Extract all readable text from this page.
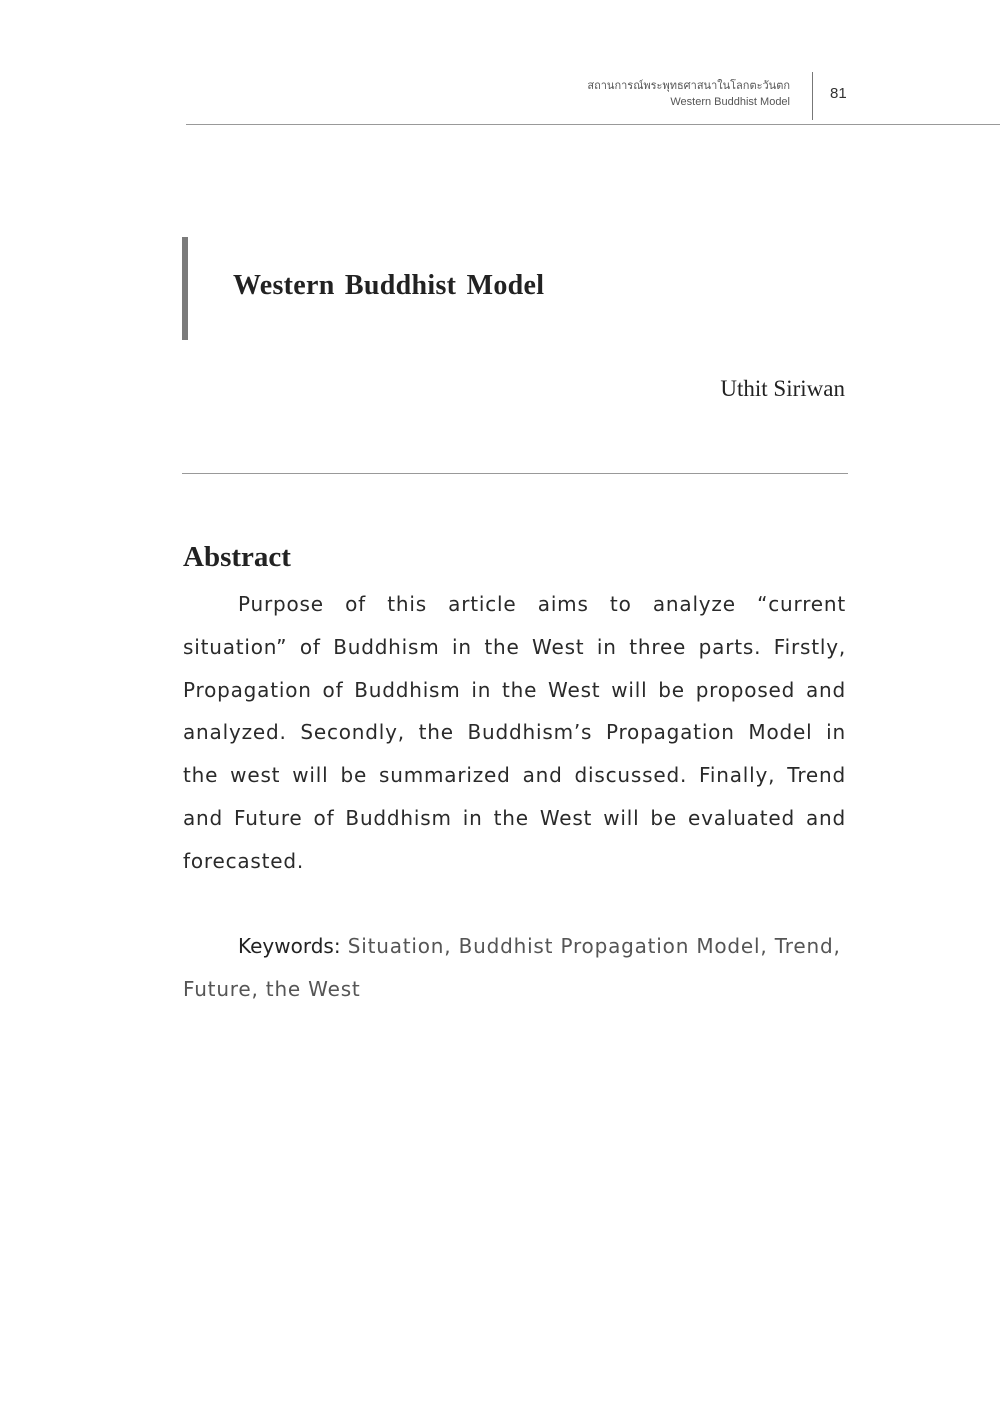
สถานการณ์พระพุทธศาสนาในโลกตะวันตก
Western Buddhist Model	81
Western Buddhist Model
Uthit Siriwan
Abstract

Purpose of this article aims to analyze “current situation” of Buddhism in the West in three parts. Firstly, Propagation of Buddhism in the West will be proposed and analyzed. Secondly, the Buddhism’s Propagation Model in the west will be summarized and discussed. Finally, Trend and Future of Buddhism in the West will be evaluated and forecasted.

Keywords: Situation, Buddhist Propagation Model, Trend, Future, the West
